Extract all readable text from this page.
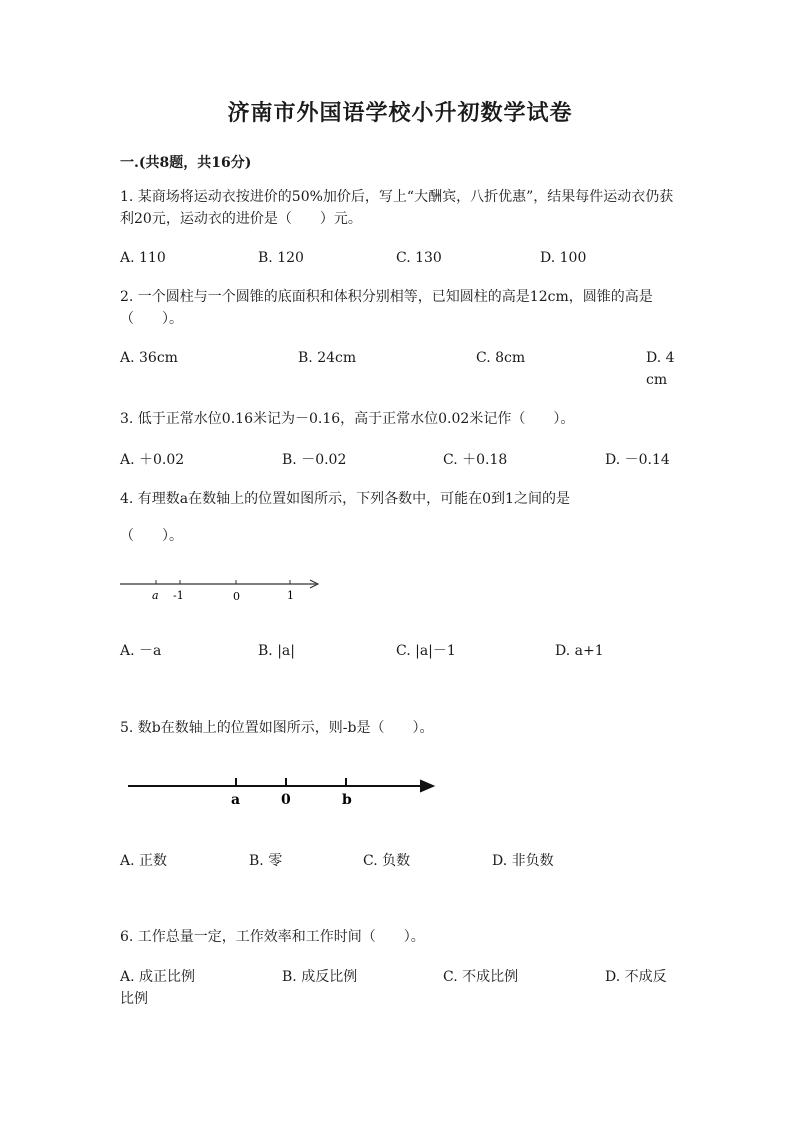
济南市外国语学校小升初数学试卷
一.(共8题，共16分)
1. 某商场将运动衣按进价的50%加价后，写上“大酬宾，八折优惠”，结果每件运动衣仍获利20元，运动衣的进价是（　　）元。
A. 110	B. 120	C. 130	D. 100
2. 一个圆柱与一个圆锥的底面积和体积分别相等，已知圆柱的高是12cm，圆锥的高是（　　）。
A. 36cm	B. 24cm	C. 8cm	D. 4cm
3. 低于正常水位0.16米记为－0.16，高于正常水位0.02米记作（　　）。
A. ＋0.02	B. －0.02	C. ＋0.18	D. －0.14
4. 有理数a在数轴上的位置如图所示，下列各数中，可能在0到1之间的是
（　　）。
a -1	0	1
A. －a	B. |a|	C. |a|－1	D. a+1
5. 数b在数轴上的位置如图所示，则-b是（　　）。
a	0	b
A. 正数	B. 零	C. 负数	D. 非负数
6. 工作总量一定，工作效率和工作时间（　　）。
A. 成正比例	B. 成反比例	C. 不成比例	D. 不成反
比例
